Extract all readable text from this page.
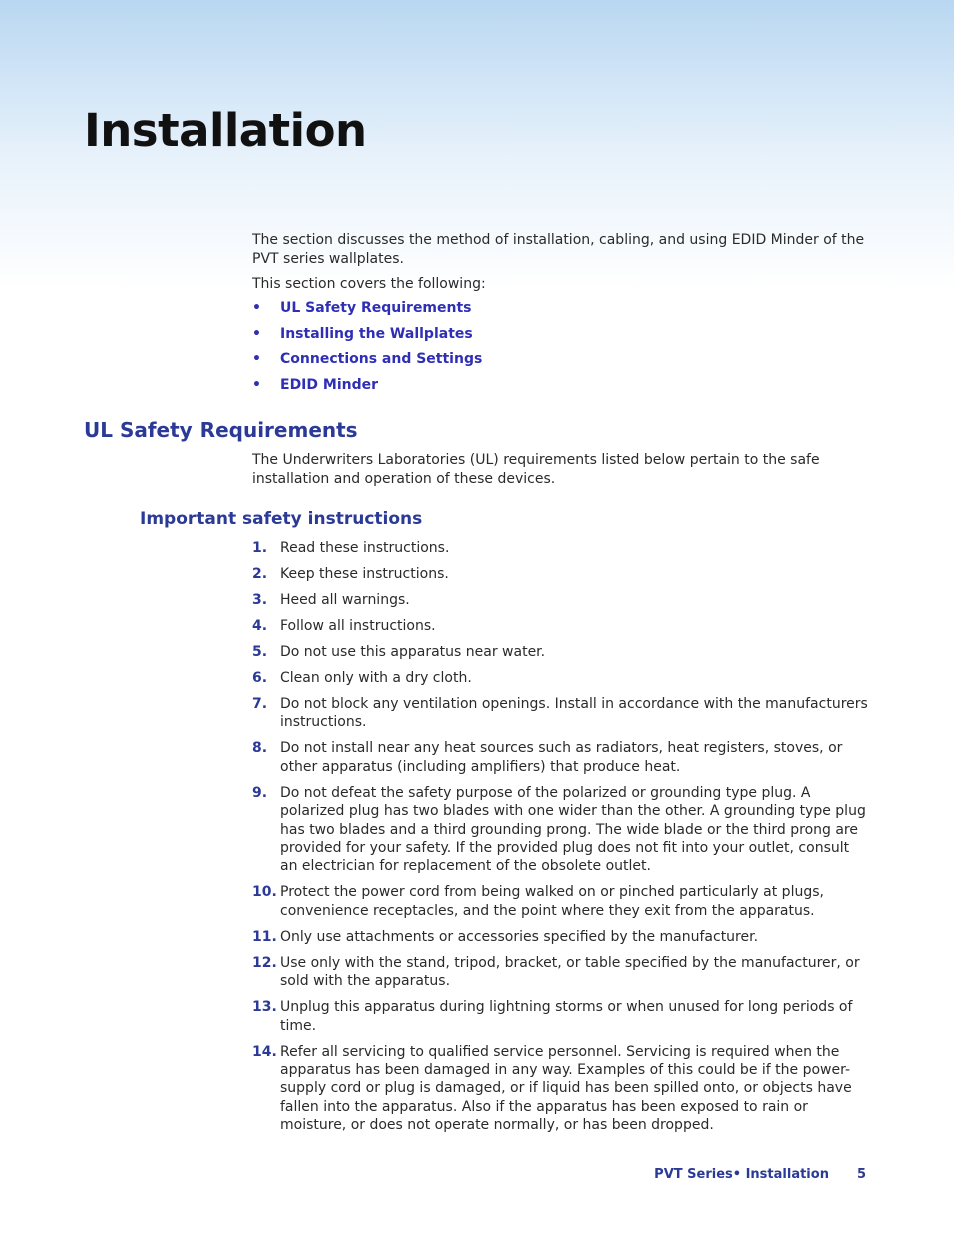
Installation

The section discusses the method of installation, cabling, and using EDID Minder of the PVT series wallplates.

This section covers the following:

• UL Safety Requirements
• Installing the Wallplates
• Connections and Settings
• EDID Minder
UL Safety Requirements

The Underwriters Laboratories (UL) requirements listed below pertain to the safe installation and operation of these devices.

Important safety instructions
1. Read these instructions.
2. Keep these instructions.
3. Heed all warnings.
4. Follow all instructions.
5. Do not use this apparatus near water.
6. Clean only with a dry cloth.
7. Do not block any ventilation openings. Install in accordance with the manufacturers instructions.
8. Do not install near any heat sources such as radiators, heat registers, stoves, or other apparatus (including amplifiers) that produce heat.
9. Do not defeat the safety purpose of the polarized or grounding type plug. A polarized plug has two blades with one wider than the other. A grounding type plug has two blades and a third grounding prong. The wide blade or the third prong are provided for your safety. If the provided plug does not fit into your outlet, consult an electrician for replacement of the obsolete outlet.
10. Protect the power cord from being walked on or pinched particularly at plugs, convenience receptacles, and the point where they exit from the apparatus.
11. Only use attachments or accessories specified by the manufacturer.
12. Use only with the stand, tripod, bracket, or table specified by the manufacturer, or sold with the apparatus.
13. Unplug this apparatus during lightning storms or when unused for long periods of time.
14. Refer all servicing to qualified service personnel. Servicing is required when the apparatus has been damaged in any way. Examples of this could be if the power-supply cord or plug is damaged, or if liquid has been spilled onto, or objects have fallen into the apparatus. Also if the apparatus has been exposed to rain or moisture, or does not operate normally, or has been dropped.
PVT Series• Installation 5
